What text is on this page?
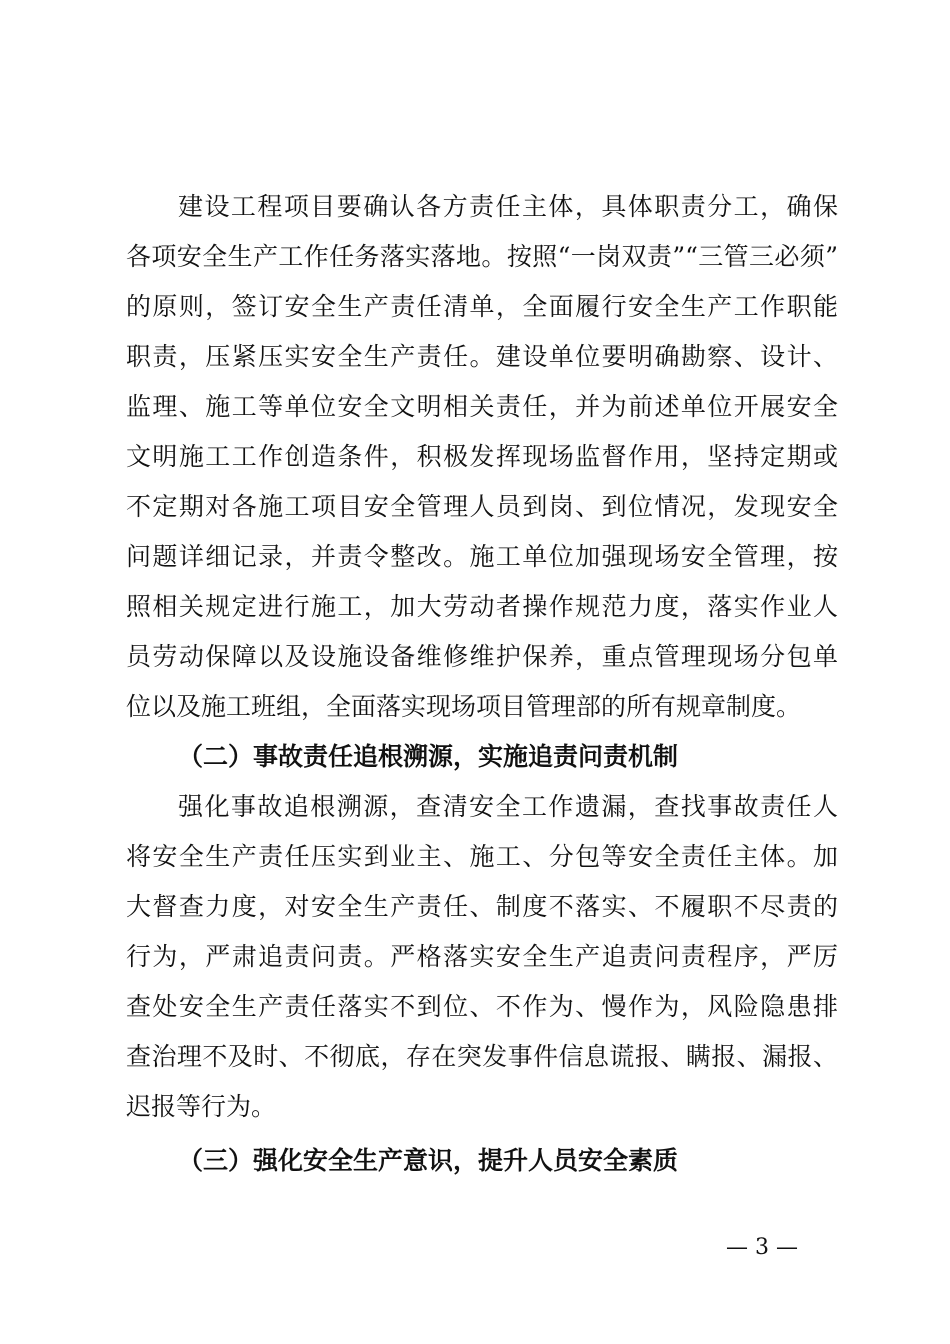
建设工程项目要确认各方责任主体，具体职责分工，确保
各项安全生产工作任务落实落地。按照“一岗双责”“三管三必须”
的原则，签订安全生产责任清单，全面履行安全生产工作职能
职责，压紧压实安全生产责任。建设单位要明确勘察、设计、
监理、施工等单位安全文明相关责任，并为前述单位开展安全
文明施工工作创造条件，积极发挥现场监督作用，坚持定期或
不定期对各施工项目安全管理人员到岗、到位情况，发现安全
问题详细记录，并责令整改。施工单位加强现场安全管理，按
照相关规定进行施工，加大劳动者操作规范力度，落实作业人
员劳动保障以及设施设备维修维护保养，重点管理现场分包单
位以及施工班组，全面落实现场项目管理部的所有规章制度。
（二）事故责任追根溯源，实施追责问责机制
强化事故追根溯源，查清安全工作遗漏，查找事故责任人
将安全生产责任压实到业主、施工、分包等安全责任主体。加
大督查力度，对安全生产责任、制度不落实、不履职不尽责的
行为，严肃追责问责。严格落实安全生产追责问责程序，严厉
查处安全生产责任落实不到位、不作为、慢作为，风险隐患排
查治理不及时、不彻底，存在突发事件信息谎报、瞒报、漏报、
迟报等行为。
（三）强化安全生产意识，提升人员安全素质
— 3 —
